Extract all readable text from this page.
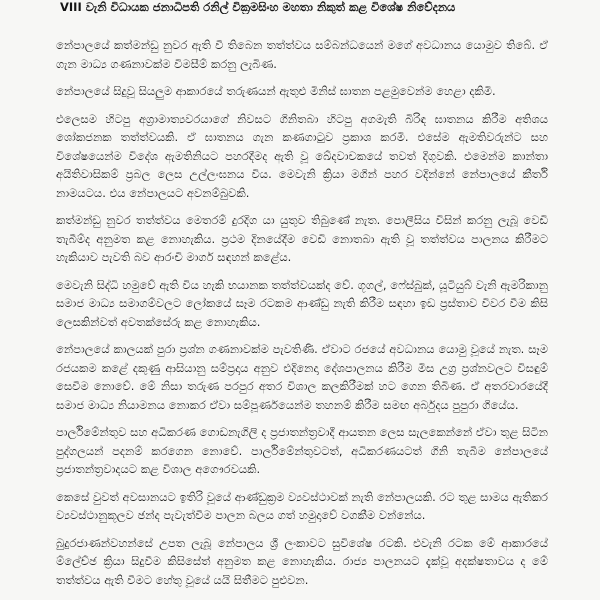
VIII වැනි විධායක ජනාධිපති රනිල් වික්‍රමසිංහ මහතා නිකුත් කළ විශේෂ නිවේදනය

නේපාලයේ කත්මන්ඩු නුවර ඇති වී තිබෙන තත්ත්වය සම්බන්ධයෙන් මගේ අවධානය යොමුව තිබේ. ඒ ගැන මාධ්‍ය ගණනාවක්ම විමසීම් කරනු ලැබිණ.

නේපාලයේ සිදුවූ සියලුම ආකාරයේ තරුණයන් ඇතුළු මිනිස් ඝාතන පළමුවෙන්ම හෙළා දකිමි.

එලෙසම හිටපු අග්‍රාමාත්‍යවරයාගේ නිවසට ගිනිතබා හිටපු අගමැති බිරිඳ ඝාතනය කිරීම අතිශය ශෝකජනක තත්ත්වයකි. ඒ ඝාතනය ගැන කණගාටුව ප්‍රකාශ කරමි. එසේම ඇමතිවරුන්ට සහ විශේෂයෙන්ම විදේශ ඇමතිනියට පහරදීමද ඇති වූ ඛේදවාචකයේ තවත් දිගුවකි. එමෙන්ම කාන්තා අයිතිවාසිකම් ප්‍රබල ලෙස උල්ලංඝනය විය. මෙවැනි ක්‍රියා මගින් පහර වදින්නේ නේපාලයේ කීර්ති නාමයටය. එය නේපාලයට අවනම්බුවකි.

කත්මන්ඩු නුවර තත්ත්වය මෙතරම් දුරදිග යා යුතුව තිබුණේ නැත. පොලීසිය විසින් කරනු ලැබූ වෙඩි තැබීම්ද අනුමත කළ නොහැකිය. ප්‍රථම දිනයේදීම වෙඩි නොතබා ඇති වූ තත්ත්වය පාලනය කිරීමට හැකියාව පැවති බව ආරංචි මාර්ග සඳහන් කළේය.

මෙවැනි සිද්ධි හමුවේ ඇති විය හැකි භයානක තත්ත්වයක්ද වේ. ගූගල්, ෆේස්බුක්, යූටියුබ් වැනි ඇමරිකානු සමාජ මාධ්‍ය සමාගම්වලට ලෝකයේ සෑම රටකම ආණ්ඩු නැති කිරීම සඳහා ඉඩ ප්‍රස්තාව විවර වීම කිසි ලෙසකින්වත් අවතක්සේරු කළ නොහැකිය.

නේපාලයේ කාලයක් පුරා ප්‍රශ්න ගණනාවක්ම පැවතිණි. ඒවාට රජයේ අවධානය යොමු වූයේ නැත. සෑම රජයකම කළේ දකුණු ආසියානු සම්ප්‍රදාය අනුව එදිනෙදා දේශපාලනය කිරීම මිස උග්‍ර ප්‍රශ්නවලට විසඳුම් සෙවීම නොවේ. මේ නිසා තරුණ පරපුර අතර විශාල කලකිරීමක් හට ගෙන තිබිණ. ඒ අතරවාරයේදී සමාජ මාධ්‍ය නියාමනය නොකර ඒවා සම්පූර්ණයෙන්ම තහනම් කිරීම සමඟ අර්බුදය පුපුරා ගියේය.

පාර්ලිමේන්තුව සහ අධිකරණ ගොඩනැගිලි ද ප්‍රජාතන්ත්‍රවාදී ආයතන ලෙස සැලකෙන්නේ ඒවා තුළ සිටින පුද්ගලයන් පදනම් කරගෙන නොවේ. පාර්ලිමේන්තුවටත්, අධිකරණයටත් ගිනි තැබීම නේපාලයේ ප්‍රජාතන්ත්‍රවාදයට කළ විශාල අගෞරවයකි.

කෙසේ වුවත් අවසානයට ඉතිරි වූයේ ආණ්ඩුක්‍රම ව්‍යවස්ථාවක් නැති නේපාලයකි. රට තුළ සාමය ඇතිකර ව්‍යවස්ථානුකූලව ඡන්ද පැවැත්වීම පාලන බලය ගත් හමුදාවේ වගකීම වන්නේය.

බුදුරජාණන්වහන්සේ උපත ලැබූ නේපාලය ශ්‍රී ලංකාවට සුවිශේෂ රටකි. එවැනි රටක මේ ආකාරයේ ම්ලේච්ඡ ක්‍රියා සිදුවීම කිසිසේත් අනුමත කළ නොහැකිය. රාජ්‍ය පාලනයට දැක්වූ අදක්ෂතාවය ද මේ තත්ත්වය ඇති වීමට හේතු වූයේ යයි සිතීමට පුළුවන.
